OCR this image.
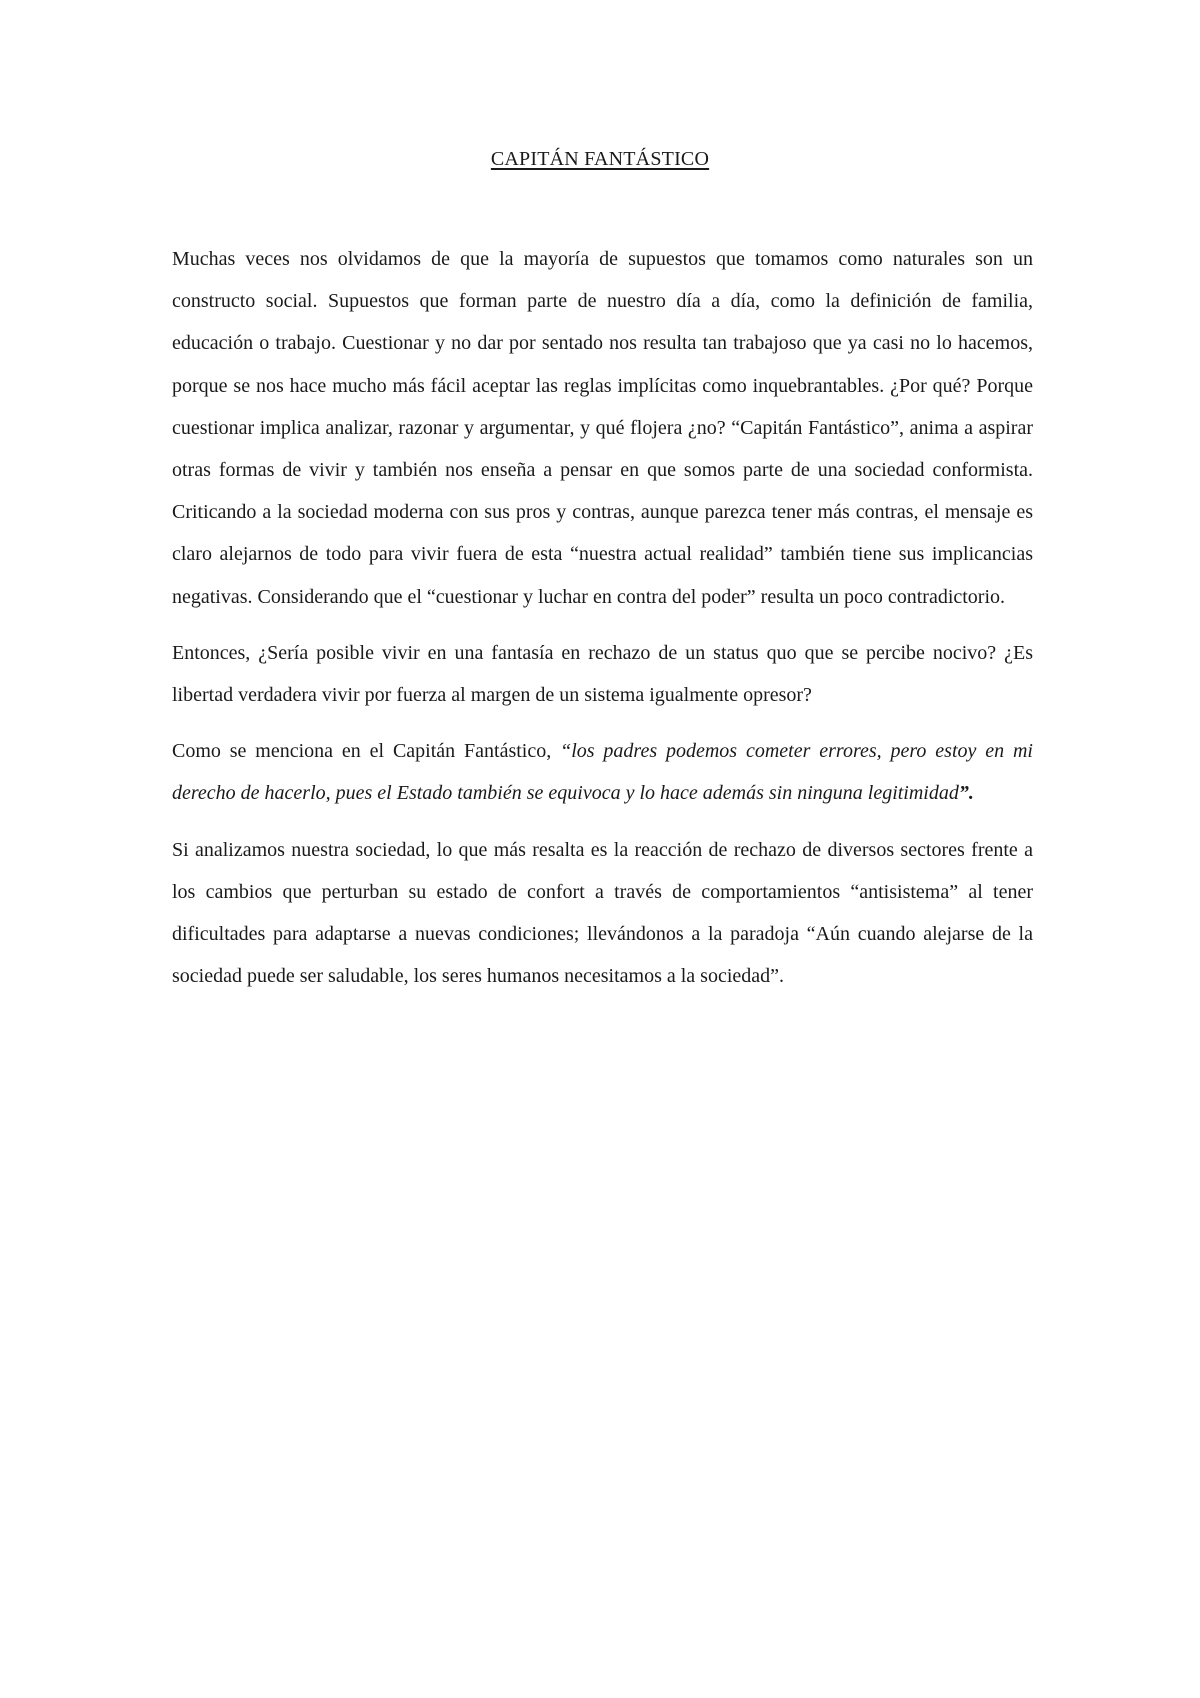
CAPITÁN FANTÁSTICO

Muchas veces nos olvidamos de que la mayoría de supuestos que tomamos como naturales son un constructo social. Supuestos que forman parte de nuestro día a día, como la definición de familia, educación o trabajo. Cuestionar y no dar por sentado nos resulta tan trabajoso que ya casi no lo hacemos, porque se nos hace mucho más fácil aceptar las reglas implícitas como inquebrantables. ¿Por qué? Porque cuestionar implica analizar, razonar y argumentar, y qué flojera ¿no? “Capitán Fantástico”, anima a aspirar otras formas de vivir y también nos enseña a pensar en que somos parte de una sociedad conformista. Criticando a la sociedad moderna con sus pros y contras, aunque parezca tener más contras, el mensaje es claro alejarnos de todo para vivir fuera de esta “nuestra actual realidad” también tiene sus implicancias negativas. Considerando que el “cuestionar y luchar en contra del poder” resulta un poco contradictorio.

Entonces, ¿Sería posible vivir en una fantasía en rechazo de un status quo que se percibe nocivo? ¿Es libertad verdadera vivir por fuerza al margen de un sistema igualmente opresor?

Como se menciona en el Capitán Fantástico, “los padres podemos cometer errores, pero estoy en mi derecho de hacerlo, pues el Estado también se equivoca y lo hace además sin ninguna legitimidad”.

Si analizamos nuestra sociedad, lo que más resalta es la reacción de rechazo de diversos sectores frente a los cambios que perturban su estado de confort a través de comportamientos “antisistema” al tener dificultades para adaptarse a nuevas condiciones; llevándonos a la paradoja “Aún cuando alejarse de la sociedad puede ser saludable, los seres humanos necesitamos a la sociedad”.
